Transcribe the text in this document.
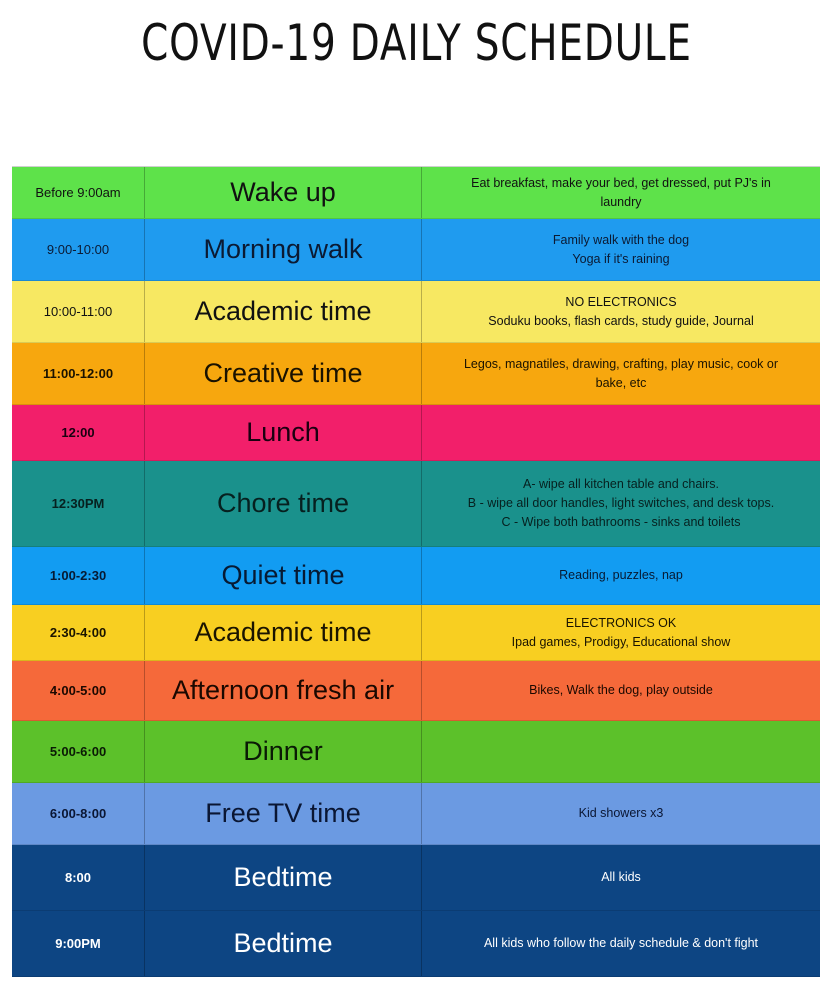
COVID-19 DAILY SCHEDULE
Before 9:00am	Wake up	Eat breakfast, make your bed, get dressed, put PJ's in
laundry
9:00-10:00	Morning walk	Family walk with the dog
Yoga if it's raining
10:00-11:00	Academic time	NO ELECTRONICS
Soduku books, flash cards, study guide, Journal
11:00-12:00	Creative time	Legos, magnatiles, drawing, crafting, play music, cook or
bake, etc
12:00	Lunch
12:30PM	Chore time
A- wipe all kitchen table and chairs.
B - wipe all door handles, light switches, and desk tops.
C - Wipe both bathrooms - sinks and toilets
1:00-2:30	Quiet time	Reading, puzzles, nap
2:30-4:00	Academic time	ELECTRONICS OK
Ipad games, Prodigy, Educational show
4:00-5:00	Afternoon fresh air	Bikes, Walk the dog, play outside
5:00-6:00	Dinner
6:00-8:00	Free TV time	Kid showers x3
8:00	Bedtime	All kids
9:00PM	Bedtime	All kids who follow the daily schedule & don't fight
